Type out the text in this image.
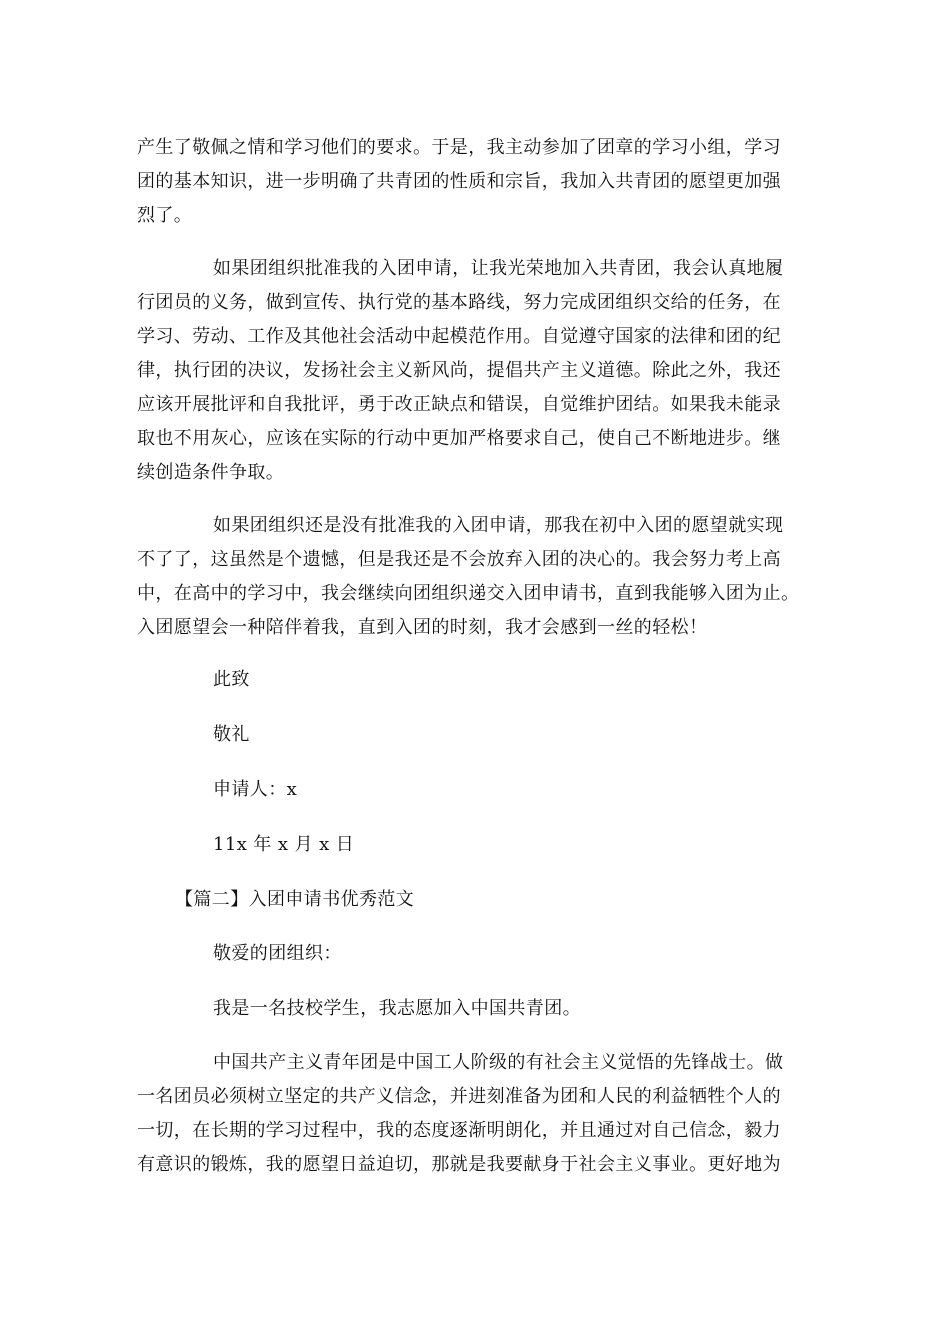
产生了敬佩之情和学习他们的要求。于是，我主动参加了团章的学习小组，学习
团的基本知识，进一步明确了共青团的性质和宗旨，我加入共青团的愿望更加强
烈了。
如果团组织批准我的入团申请，让我光荣地加入共青团，我会认真地履
行团员的义务，做到宣传、执行党的基本路线，努力完成团组织交给的任务，在
学习、劳动、工作及其他社会活动中起模范作用。自觉遵守国家的法律和团的纪
律，执行团的决议，发扬社会主义新风尚，提倡共产主义道德。除此之外，我还
应该开展批评和自我批评，勇于改正缺点和错误，自觉维护团结。如果我未能录
取也不用灰心，应该在实际的行动中更加严格要求自己，使自己不断地进步。继
续创造条件争取。
如果团组织还是没有批准我的入团申请，那我在初中入团的愿望就实现
不了了，这虽然是个遗憾，但是我还是不会放弃入团的决心的。我会努力考上高
中，在高中的学习中，我会继续向团组织递交入团申请书，直到我能够入团为止。
入团愿望会一种陪伴着我，直到入团的时刻，我才会感到一丝的轻松！
此致
敬礼
申请人：x
11x 年 x 月 x 日
【篇二】入团申请书优秀范文
敬爱的团组织：
我是一名技校学生，我志愿加入中国共青团。
中国共产主义青年团是中国工人阶级的有社会主义觉悟的先锋战士。做
一名团员必须树立坚定的共产义信念，并进刻准备为团和人民的利益牺牲个人的
一切，在长期的学习过程中，我的态度逐渐明朗化，并且通过对自己信念，毅力
有意识的锻炼，我的愿望日益迫切，那就是我要献身于社会主义事业。更好地为
